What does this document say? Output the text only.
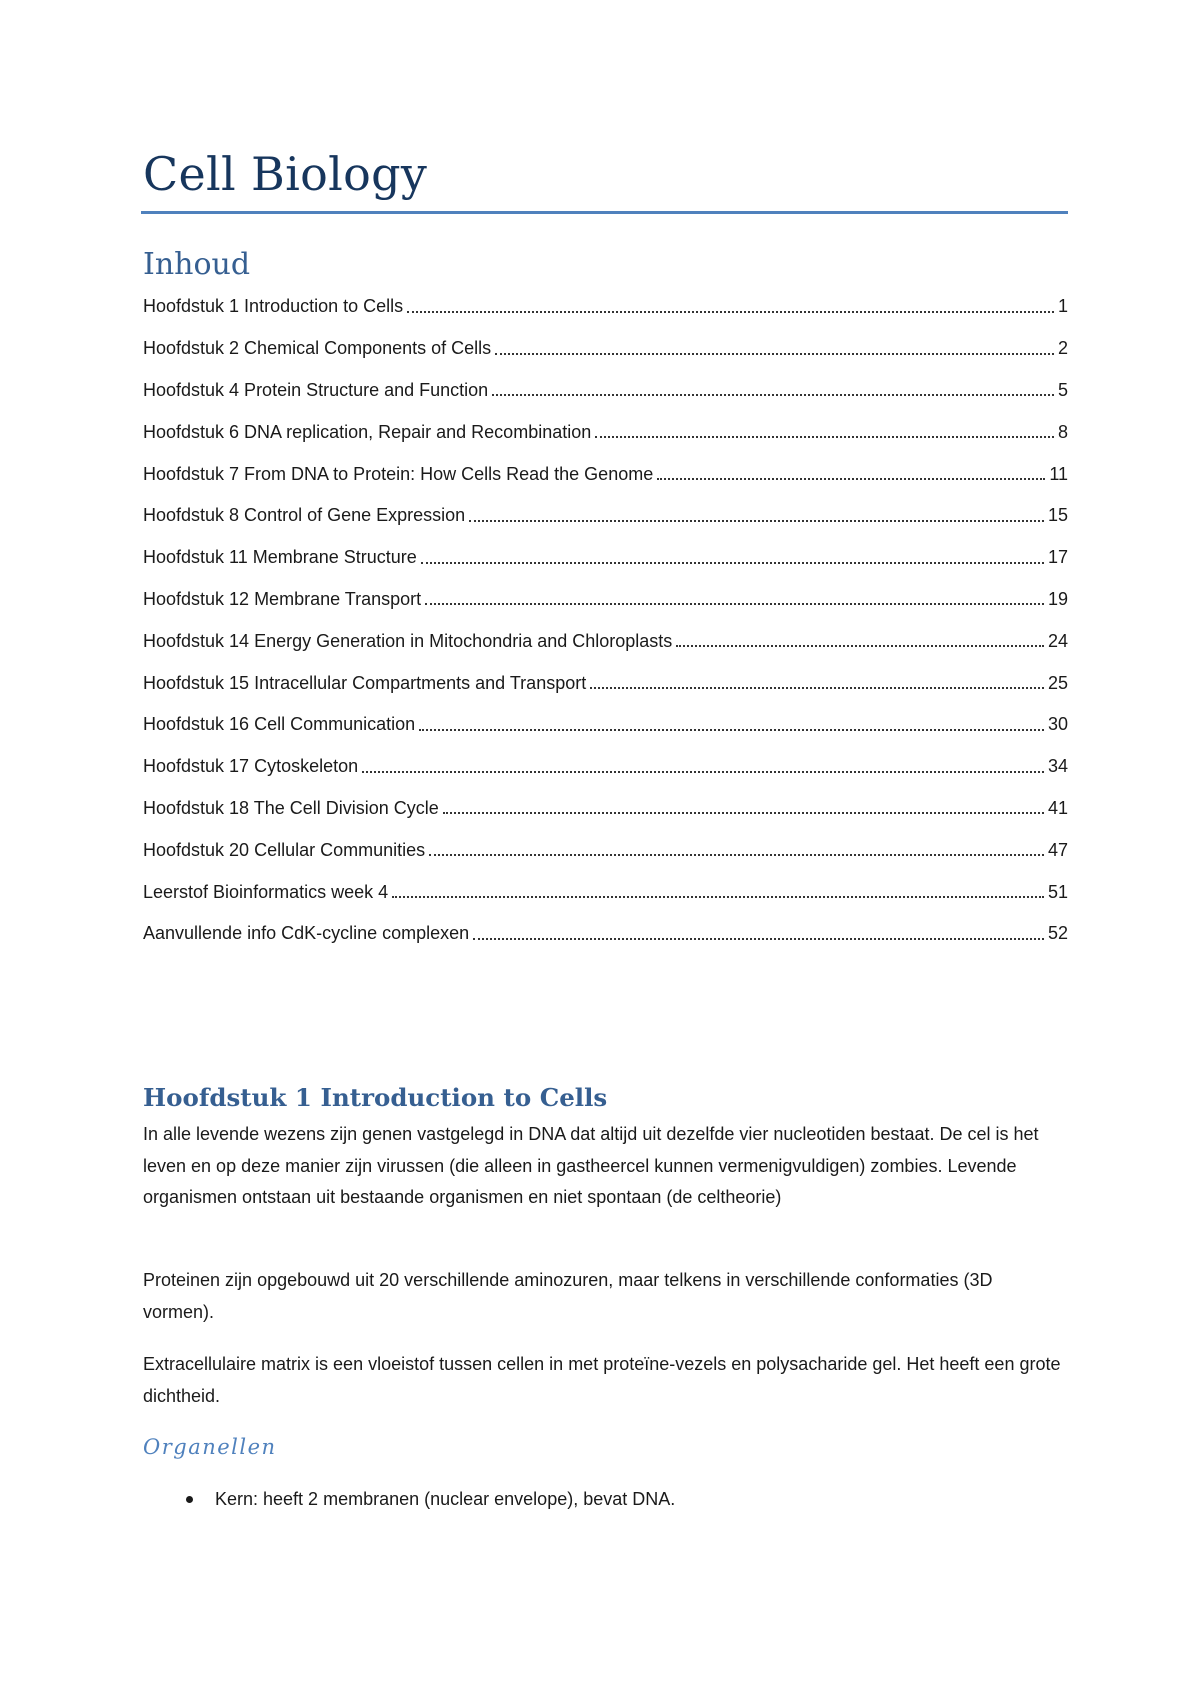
Cell Biology
Inhoud
Hoofdstuk 1 Introduction to Cells	1
Hoofdstuk 2 Chemical Components of Cells	2
Hoofdstuk 4 Protein Structure and Function	5
Hoofdstuk 6 DNA replication, Repair and Recombination	8
Hoofdstuk 7 From DNA to Protein: How Cells Read the Genome	11
Hoofdstuk 8 Control of Gene Expression	15
Hoofdstuk 11 Membrane Structure	17
Hoofdstuk 12 Membrane Transport	19
Hoofdstuk 14 Energy Generation in Mitochondria and Chloroplasts	24
Hoofdstuk 15 Intracellular Compartments and Transport	25
Hoofdstuk 16 Cell Communication	30
Hoofdstuk 17 Cytoskeleton	34
Hoofdstuk 18 The Cell Division Cycle	41
Hoofdstuk 20 Cellular Communities	47
Leerstof Bioinformatics week 4	51
Aanvullende info CdK-cycline complexen	52
Hoofdstuk 1 Introduction to Cells

In alle levende wezens zijn genen vastgelegd in DNA dat altijd uit dezelfde vier nucleotiden bestaat. De cel is het leven en op deze manier zijn virussen (die alleen in gastheercel kunnen vermenigvuldigen) zombies. Levende organismen ontstaan uit bestaande organismen en niet spontaan (de celtheorie)

Proteinen zijn opgebouwd uit 20 verschillende aminozuren, maar telkens in verschillende conformaties (3D vormen).

Extracellulaire matrix is een vloeistof tussen cellen in met proteïne-vezels en polysacharide gel. Het heeft een grote dichtheid.

Organellen
Kern: heeft 2 membranen (nuclear envelope), bevat DNA.
